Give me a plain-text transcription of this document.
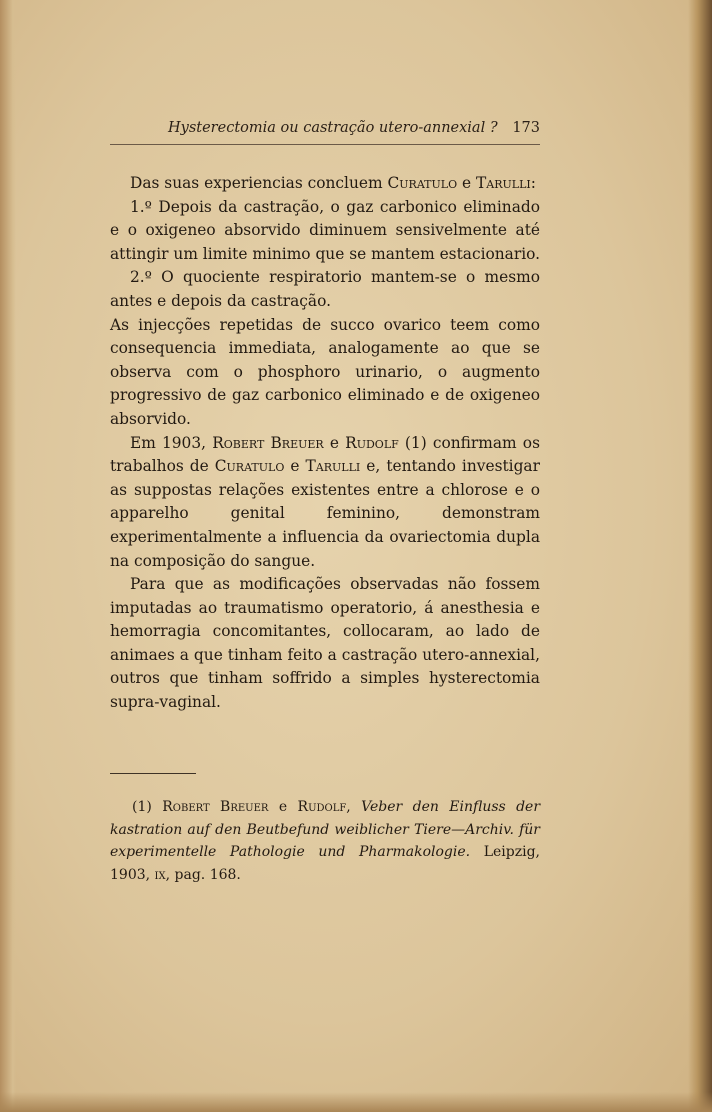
Hysterectomia ou castração utero-annexial ? 173

Das suas experiencias concluem Curatulo e Tarulli:

1.º Depois da castração, o gaz carbonico eliminado e o oxigeneo absorvido diminuem sensivelmente até attingir um limite minimo que se mantem estacionario.

2.º O quociente respiratorio mantem-se o mesmo antes e depois da castração.

As injecções repetidas de succo ovarico teem como consequencia immediata, analogamente ao que se observa com o phosphoro urinario, o augmento progressivo de gaz carbonico eliminado e de oxigeneo absorvido.

Em 1903, Robert Breuer e Rudolf (1) confirmam os trabalhos de Curatulo e Tarulli e, tentando investigar as suppostas relações existentes entre a chlorose e o apparelho genital feminino, demonstram experimentalmente a influencia da ovariectomia dupla na composição do sangue.

Para que as modificações observadas não fossem imputadas ao traumatismo operatorio, á anesthesia e hemorragia concomitantes, collocaram, ao lado de animaes a que tinham feito a castração utero-annexial, outros que tinham soffrido a simples hysterectomia supra-vaginal.

(1) Robert Breuer e Rudolf, Veber den Einfluss der kastration auf den Beutbefund weiblicher Tiere—Archiv. für experimentelle Pathologie und Pharmakologie. Leipzig, 1903, ix, pag. 168.
